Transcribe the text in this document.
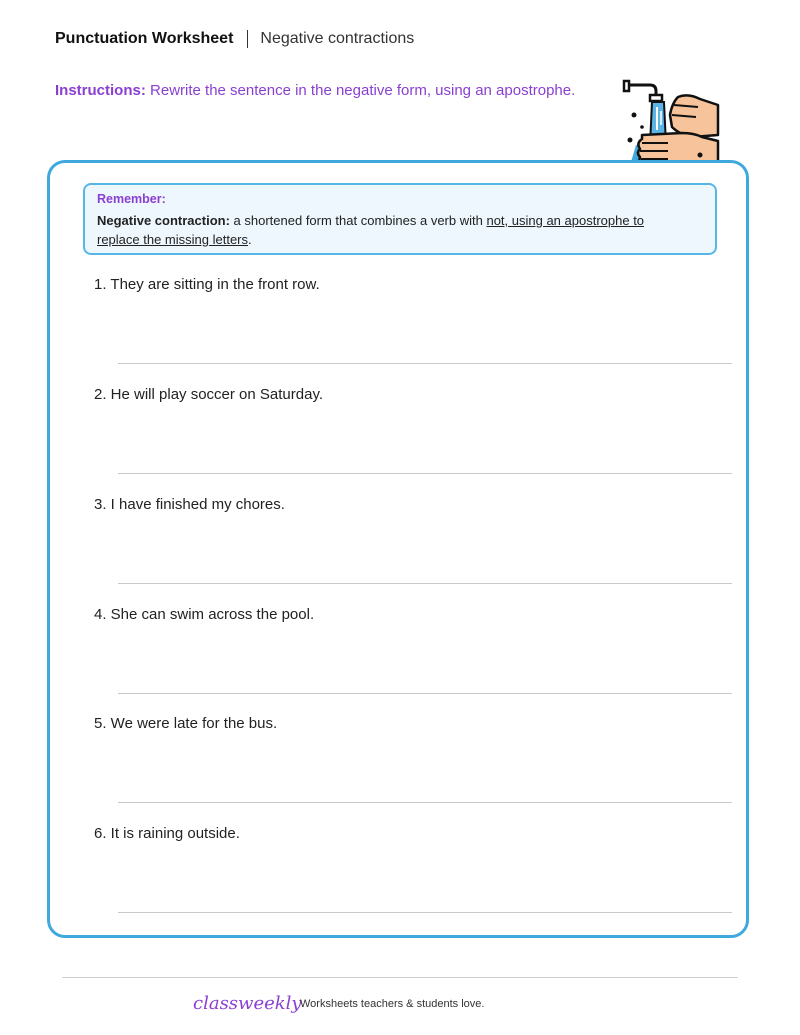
Punctuation Worksheet Negative contractions
Instructions: Rewrite the sentence in the negative form, using an apostrophe.
Remember:
Negative contraction: a shortened form that combines a verb with not, using an apostrophe to
replace the missing letters.
1. They are sitting in the front row.
2. He will play soccer on Saturday.
3. I have finished my chores.
4. She can swim across the pool.
5. We were late for the bus.
6. It is raining outside.
classweekly
Worksheets teachers & students love.
